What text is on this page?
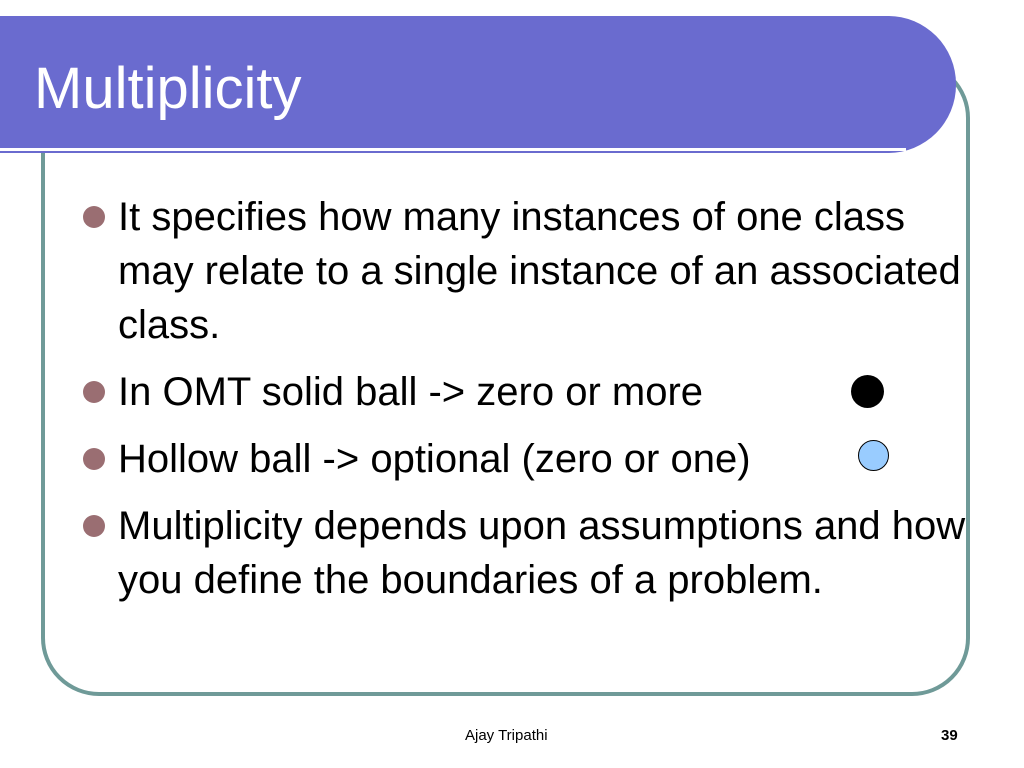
Multiplicity
It specifies how many instances of one class may relate to a single instance of an associated class.
In OMT solid ball -> zero or more
Hollow ball -> optional (zero or one)
Multiplicity depends upon assumptions and how you define the boundaries of a problem.
Ajay Tripathi	39
